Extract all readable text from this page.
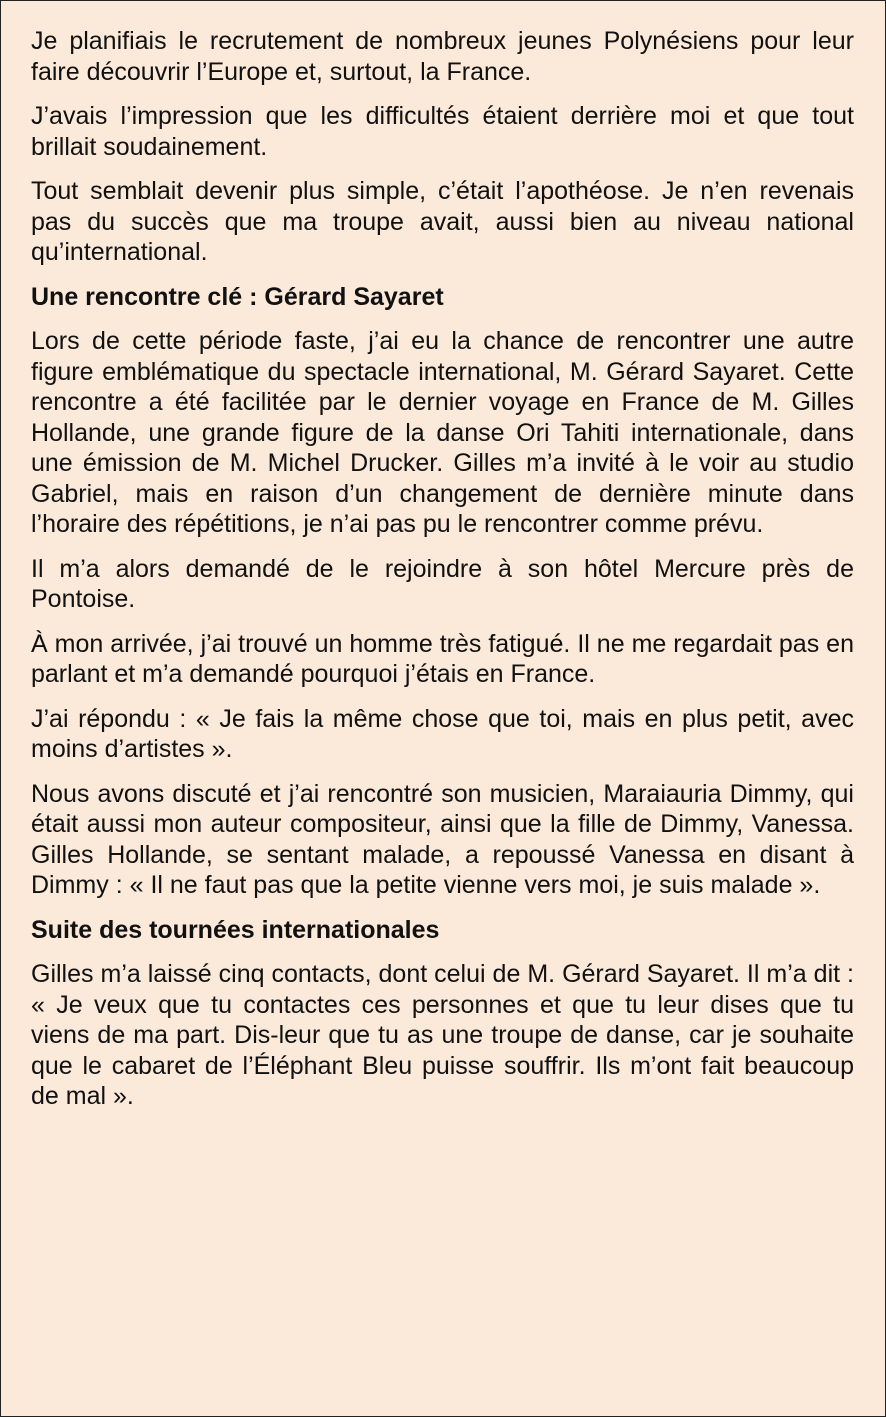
Je planifiais le recrutement de nombreux jeunes Polynésiens pour leur faire découvrir l’Europe et, surtout, la France.

J’avais l’impression que les difficultés étaient derrière moi et que tout brillait soudainement.

Tout semblait devenir plus simple, c’était l’apothéose. Je n’en revenais pas du succès que ma troupe avait, aussi bien au niveau national qu’international.

Une rencontre clé : Gérard Sayaret

Lors de cette période faste, j’ai eu la chance de rencontrer une autre figure emblématique du spectacle international, M. Gérard Sayaret. Cette rencontre a été facilitée par le dernier voyage en France de M. Gilles Hollande, une grande figure de la danse Ori Tahiti internationale, dans une émission de M. Michel Drucker. Gilles m’a invité à le voir au studio Gabriel, mais en raison d’un changement de dernière minute dans l’horaire des répétitions, je n’ai pas pu le rencontrer comme prévu.

Il m’a alors demandé de le rejoindre à son hôtel Mercure près de Pontoise.

À mon arrivée, j’ai trouvé un homme très fatigué. Il ne me regardait pas en parlant et m’a demandé pourquoi j’étais en France.

J’ai répondu : « Je fais la même chose que toi, mais en plus petit, avec moins d’artistes ».

Nous avons discuté et j’ai rencontré son musicien, Maraiauria Dimmy, qui était aussi mon auteur compositeur, ainsi que la fille de Dimmy, Vanessa. Gilles Hollande, se sentant malade, a repoussé Vanessa en disant à Dimmy : « Il ne faut pas que la petite vienne vers moi, je suis malade ».

Suite des tournées internationales

Gilles m’a laissé cinq contacts, dont celui de M. Gérard Sayaret. Il m’a dit : « Je veux que tu contactes ces personnes et que tu leur dises que tu viens de ma part. Dis-leur que tu as une troupe de danse, car je souhaite que le cabaret de l’Éléphant Bleu puisse souffrir. Ils m’ont fait beaucoup de mal ».
